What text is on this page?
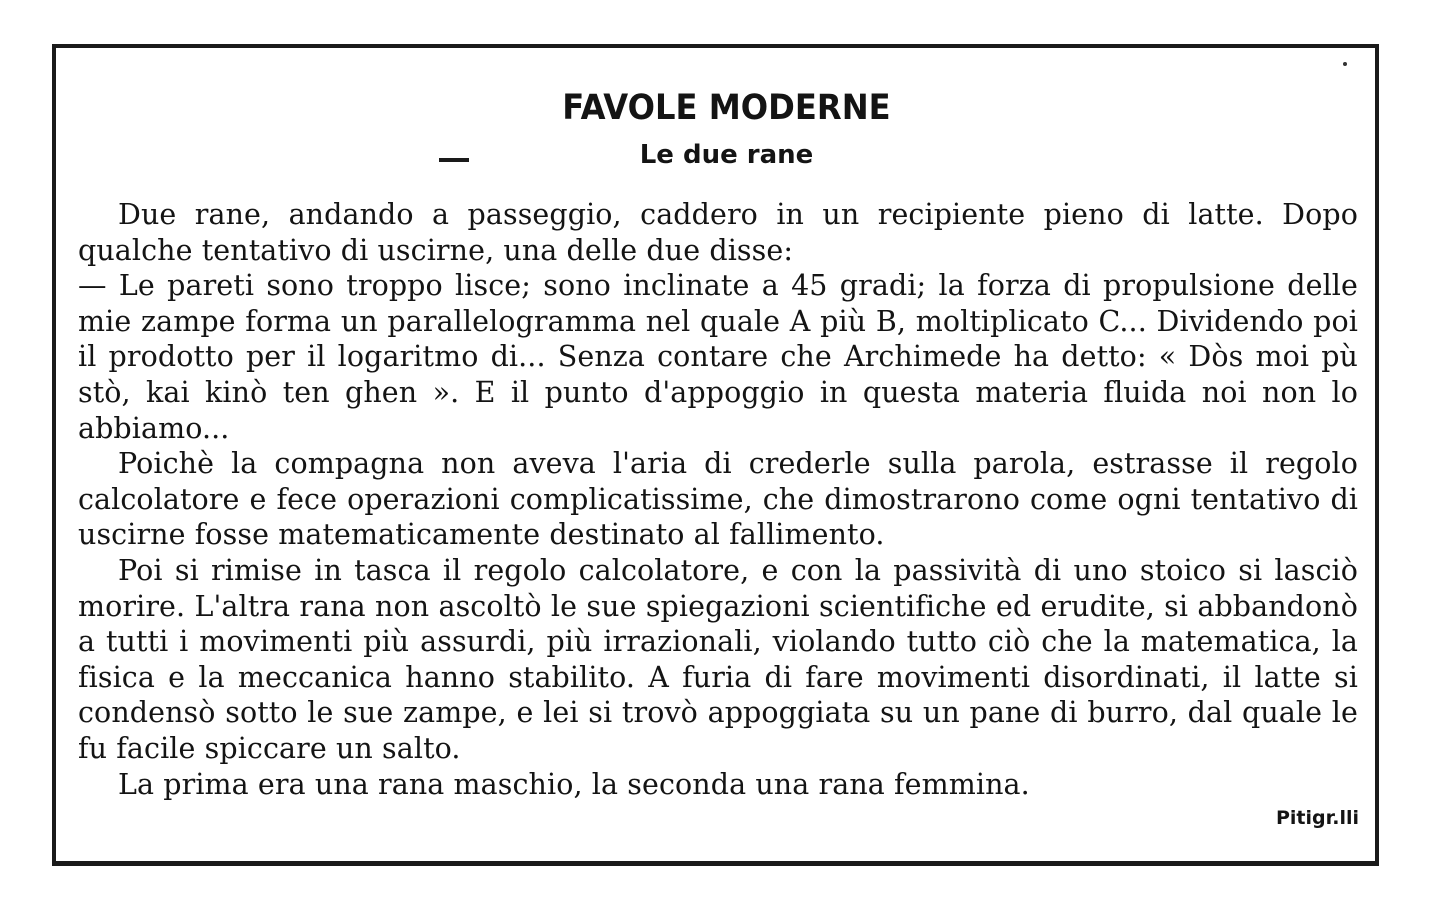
FAVOLE MODERNE
Le due rane

Due rane, andando a passeggio, caddero in un recipiente pieno di latte. Dopo qualche tentativo di uscirne, una delle due disse:

— Le pareti sono troppo lisce; sono inclinate a 45 gradi; la forza di propulsione delle mie zampe forma un parallelogramma nel quale A più B, moltiplicato C... Dividendo poi il prodotto per il logaritmo di... Senza contare che Archimede ha detto: « Dòs moi pù stò, kai kinò ten ghen ». E il punto d'appoggio in questa materia fluida noi non lo abbiamo...

Poichè la compagna non aveva l'aria di crederle sulla parola, estrasse il regolo calcolatore e fece operazioni complicatissime, che dimostrarono come ogni tentativo di uscirne fosse matematicamente destinato al fallimento.

Poi si rimise in tasca il regolo calcolatore, e con la passività di uno stoico si lasciò morire. L'altra rana non ascoltò le sue spiegazioni scientifiche ed erudite, si abbandonò a tutti i movimenti più assurdi, più irrazionali, violando tutto ciò che la matematica, la fisica e la meccanica hanno stabilito. A furia di fare movimenti disordinati, il latte si condensò sotto le sue zampe, e lei si trovò appoggiata su un pane di burro, dal quale le fu facile spiccare un salto.

La prima era una rana maschio, la seconda una rana femmina.

Pitigr.lli
